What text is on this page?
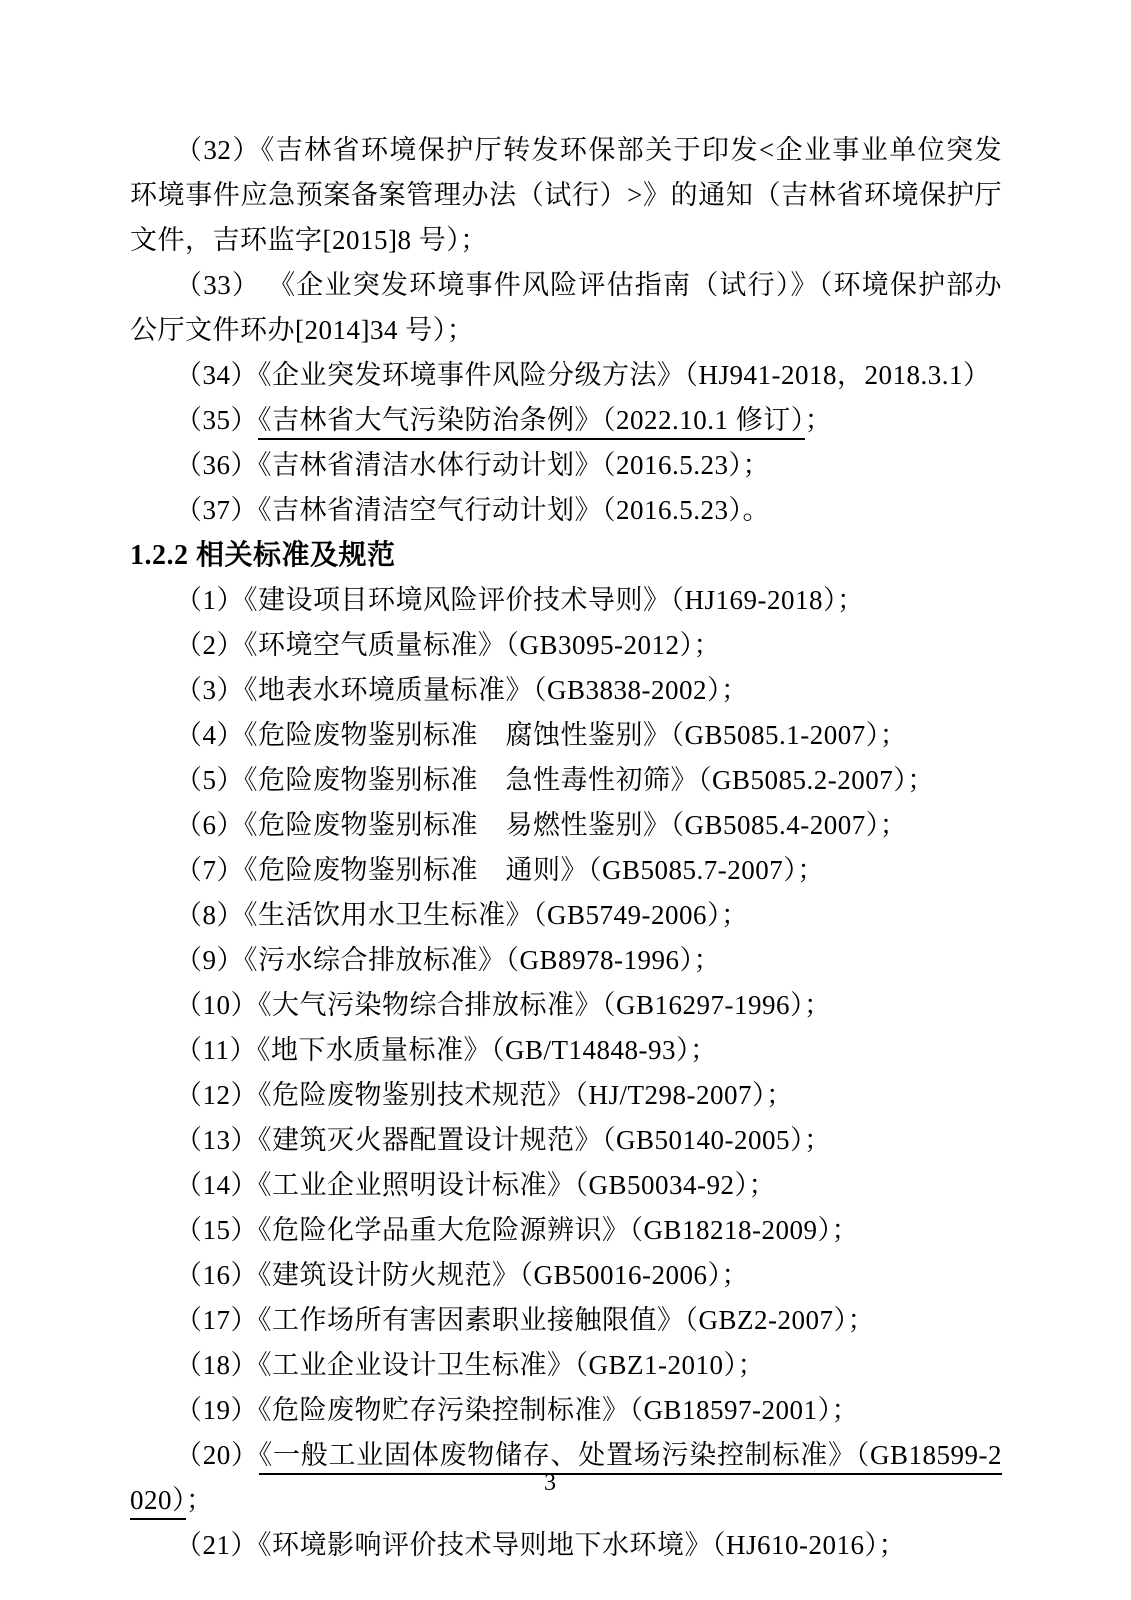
（32）《吉林省环境保护厅转发环保部关于印发<企业事业单位突发环境事件应急预案备案管理办法（试行）>》的通知（吉林省环境保护厅文件，吉环监字[2015]8 号）；

（33） 《企业突发环境事件风险评估指南（试行）》（环境保护部办公厅文件环办[2014]34 号）；

（34）《企业突发环境事件风险分级方法》（HJ941-2018，2018.3.1）

（35）《吉林省大气污染防治条例》（2022.10.1 修订）；

（36）《吉林省清洁水体行动计划》（2016.5.23）；

（37）《吉林省清洁空气行动计划》（2016.5.23）。

1.2.2 相关标准及规范

（1）《建设项目环境风险评价技术导则》（HJ169-2018）；

（2）《环境空气质量标准》（GB3095-2012）；

（3）《地表水环境质量标准》（GB3838-2002）；

（4）《危险废物鉴别标准　腐蚀性鉴别》（GB5085.1-2007）；

（5）《危险废物鉴别标准　急性毒性初筛》（GB5085.2-2007）；

（6）《危险废物鉴别标准　易燃性鉴别》（GB5085.4-2007）；

（7）《危险废物鉴别标准　通则》（GB5085.7-2007）；

（8）《生活饮用水卫生标准》（GB5749-2006）；

（9）《污水综合排放标准》（GB8978-1996）；

（10）《大气污染物综合排放标准》（GB16297-1996）；

（11）《地下水质量标准》（GB/T14848-93）；

（12）《危险废物鉴别技术规范》（HJ/T298-2007）；

（13）《建筑灭火器配置设计规范》（GB50140-2005）；

（14）《工业企业照明设计标准》（GB50034-92）；

（15）《危险化学品重大危险源辨识》（GB18218-2009）；

（16）《建筑设计防火规范》（GB50016-2006）；

（17）《工作场所有害因素职业接触限值》（GBZ2-2007）；

（18）《工业企业设计卫生标准》（GBZ1-2010）；

（19）《危险废物贮存污染控制标准》（GB18597-2001）；

（20）《一般工业固体废物储存、处置场污染控制标准》（GB18599-2020）；

（21）《环境影响评价技术导则地下水环境》（HJ610-2016）；

3
